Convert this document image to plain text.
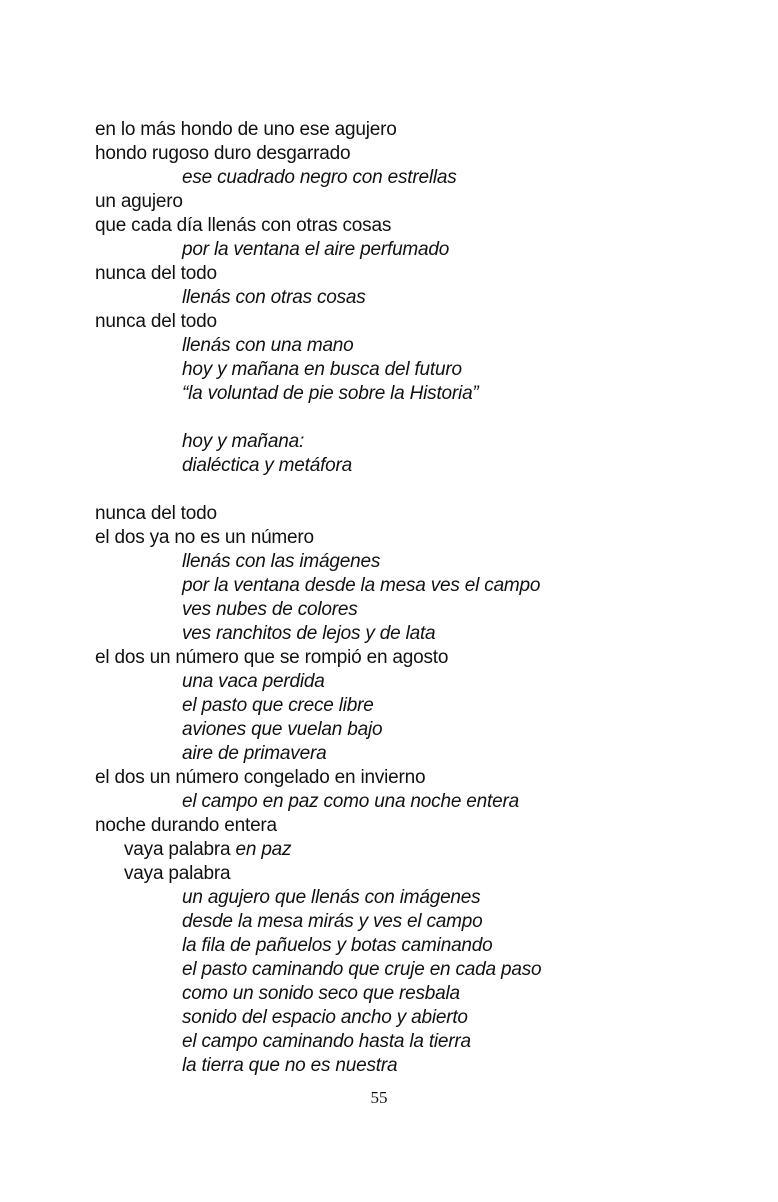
en lo más hondo de uno ese agujero
hondo rugoso duro desgarrado
ese cuadrado negro con estrellas
un agujero
que cada día llenás con otras cosas
por la ventana el aire perfumado
nunca del todo
llenás con otras cosas
nunca del todo
llenás con una mano
hoy y mañana en busca del futuro
“la voluntad de pie sobre la Historia”
hoy y mañana:
dialéctica y metáfora
nunca del todo
el dos ya no es un número
llenás con las imágenes
por la ventana desde la mesa ves el campo
ves nubes de colores
ves ranchitos de lejos y de lata
el dos un número que se rompió en agosto
una vaca perdida
el pasto que crece libre
aviones que vuelan bajo
aire de primavera
el dos un número congelado en invierno
el campo en paz como una noche entera
noche durando entera
vaya palabra en paz
vaya palabra
un agujero que llenás con imágenes
desde la mesa mirás y ves el campo
la fila de pañuelos y botas caminando
el pasto caminando que cruje en cada paso
como un sonido seco que resbala
sonido del espacio ancho y abierto
el campo caminando hasta la tierra
la tierra que no es nuestra
55
